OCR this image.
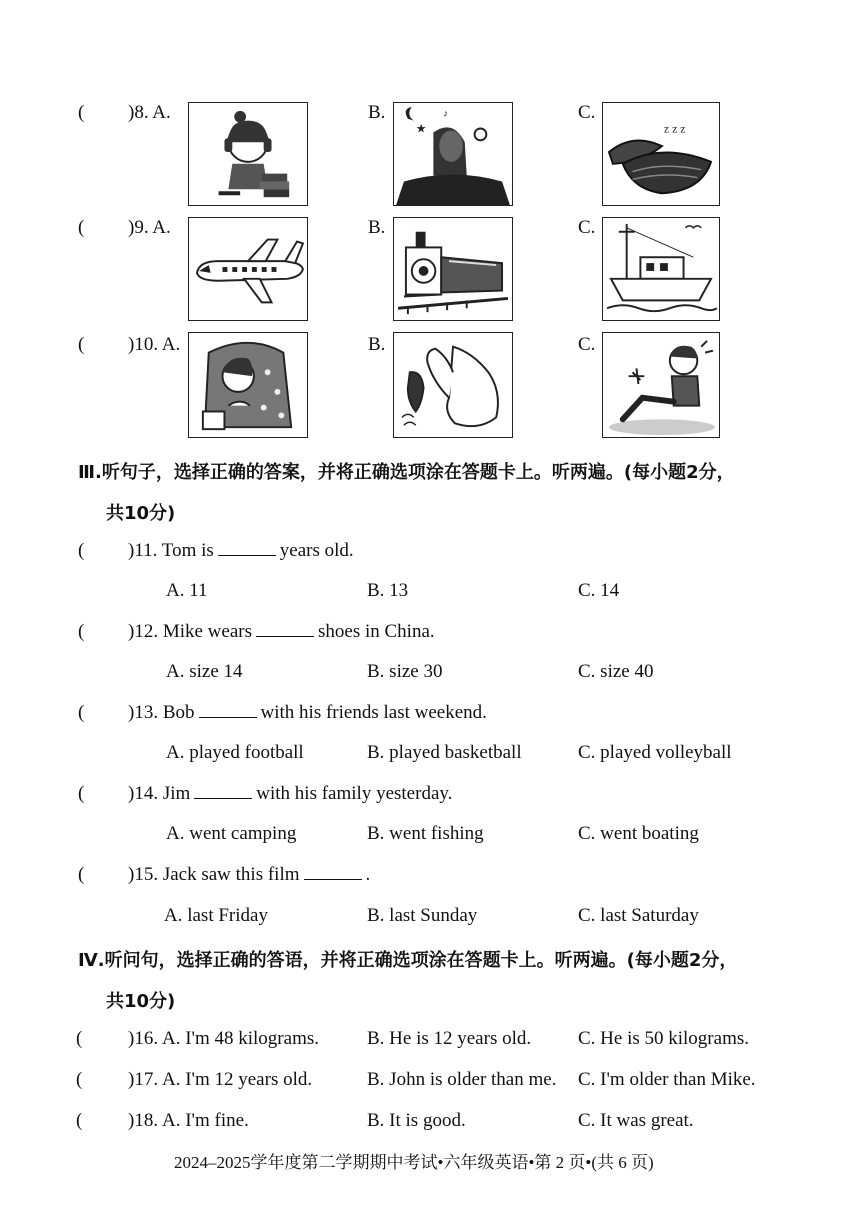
( )8. A.	B.
★
♪	C.
z z z
( )9. A.	B.	C.
( )10. A.	B.	C.
Ⅲ.听句子，选择正确的答案，并将正确选项涂在答题卡上。听两遍。(每小题2分，
共10分)
( )11. Tom is	years old.
A. 11	B. 13	C. 14
( )12. Mike wears	shoes in China.
A. size 14	B. size 30	C. size 40
( )13. Bob	with his friends last weekend.
A. played football	B. played basketball	C. played volleyball
( )14. Jim	with his family yesterday.
A. went camping	B. went fishing	C. went boating
( )15. Jack saw this film	.
A. last Friday	B. last Sunday	C. last Saturday
Ⅳ.听问句，选择正确的答语，并将正确选项涂在答题卡上。听两遍。(每小题2分，
共10分)
( )16. A. I'm 48 kilograms.	B. He is 12 years old. C. He is 50 kilograms.
( )17. A. I'm 12 years old.	B. John is older than me. C. I'm older than Mike.
( )18. A. I'm fine.	B. It is good.	C. It was great.
2024–2025学年度第二学期期中考试•六年级英语•第 2 页•(共 6 页)
